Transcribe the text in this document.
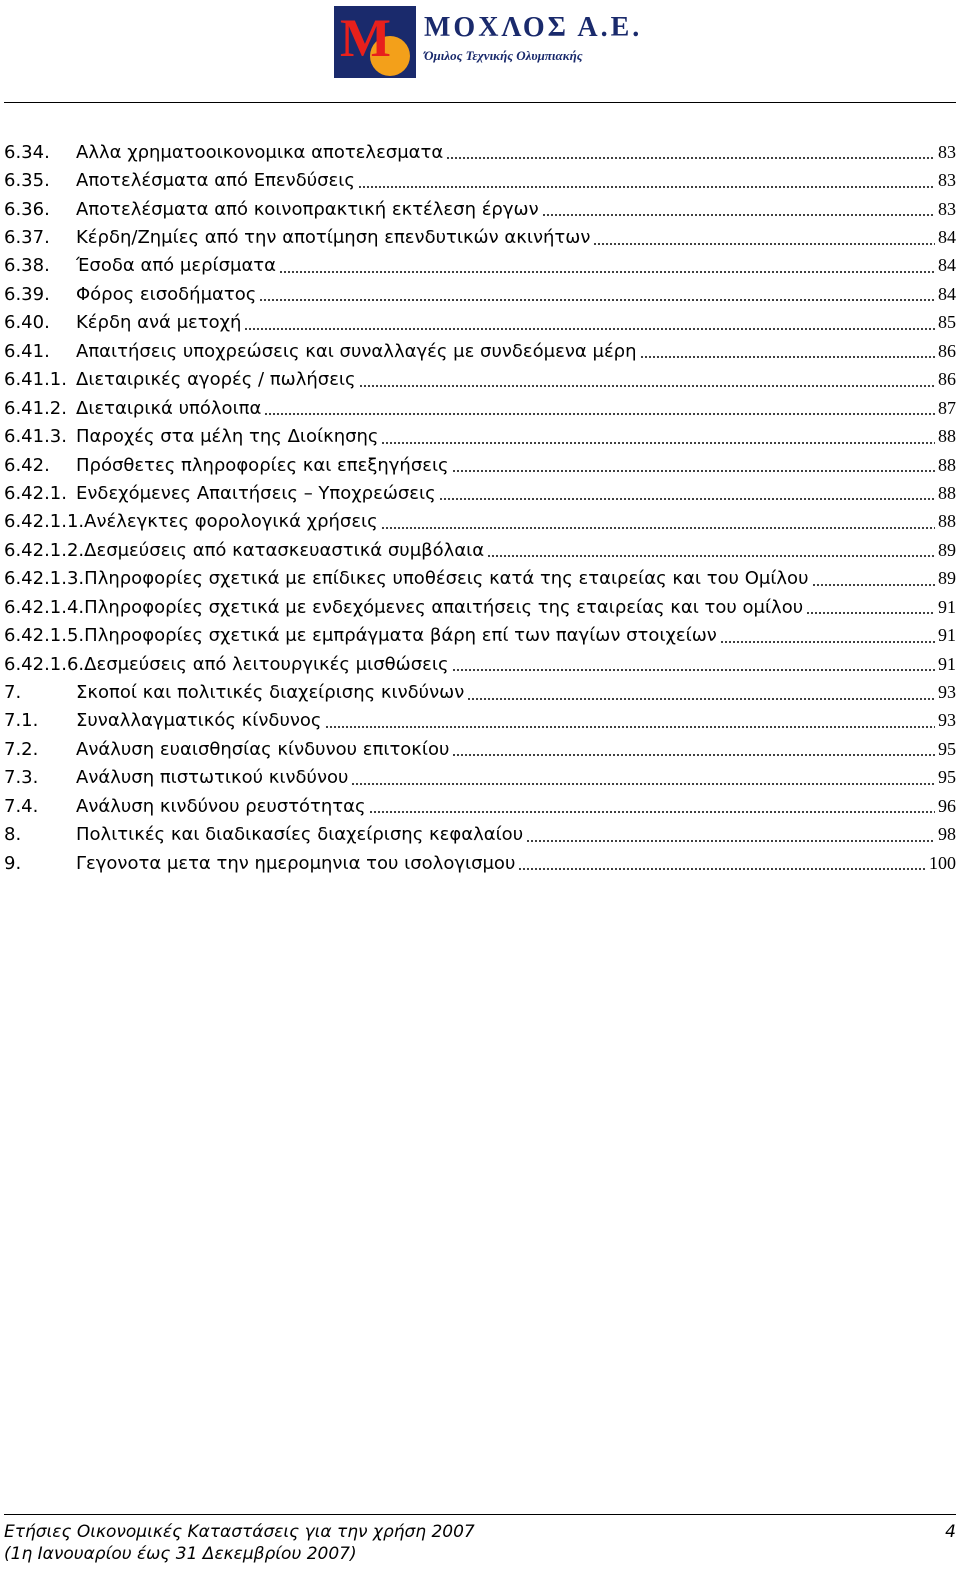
M ΜΟΧΛΟΣ Α.Ε.
Όμιλος Τεχνικής Ολυμπιακής
6.34.	Αλλα χρηματοοικονομικα αποτελεσματα	83
6.35.	Αποτελέσματα από Επενδύσεις	83
6.36.	Αποτελέσματα από κοινοπρακτική εκτέλεση έργων	83
6.37.	Κέρδη/Ζημίες από την αποτίμηση επενδυτικών ακινήτων	84
6.38.	Έσοδα από μερίσματα	84
6.39.	Φόρος εισοδήματος	84
6.40.	Κέρδη ανά μετοχή	85
6.41.	Απαιτήσεις υποχρεώσεις και συναλλαγές με συνδεόμενα μέρη	86
6.41.1. Διεταιρικές αγορές / πωλήσεις	86
6.41.2. Διεταιρικά υπόλοιπα	87
6.41.3. Παροχές στα μέλη της Διοίκησης	88
6.42.	Πρόσθετες πληροφορίες και επεξηγήσεις	88
6.42.1. Ενδεχόμενες Απαιτήσεις – Υποχρεώσεις	88
6.42.1.1. Ανέλεγκτες φορολογικά χρήσεις	88
6.42.1.2. Δεσμεύσεις από κατασκευαστικά συμβόλαια	89
6.42.1.3. Πληροφορίες σχετικά με επίδικες υποθέσεις κατά της εταιρείας και του Ομίλου	89
6.42.1.4. Πληροφορίες σχετικά με ενδεχόμενες απαιτήσεις της εταιρείας και του ομίλου	91
6.42.1.5. Πληροφορίες σχετικά με εμπράγματα βάρη επί των παγίων στοιχείων	91
6.42.1.6. Δεσμεύσεις από λειτουργικές μισθώσεις	91
7.	Σκοποί και πολιτικές διαχείρισης κινδύνων	93
7.1.	Συναλλαγματικός κίνδυνος	93
7.2.	Ανάλυση ευαισθησίας κίνδυνου επιτοκίου	95
7.3.	Ανάλυση πιστωτικού κινδύνου	95
7.4.	Ανάλυση κινδύνου ρευστότητας	96
8.	Πολιτικές και διαδικασίες διαχείρισης κεφαλαίου	98
9.	Γεγονοτα μετα την ημερομηνια του ισολογισμου	100
Ετήσιες Οικονομικές Καταστάσεις για την χρήση 2007
(1η Ιανουαρίου έως 31 Δεκεμβρίου 2007)
4
